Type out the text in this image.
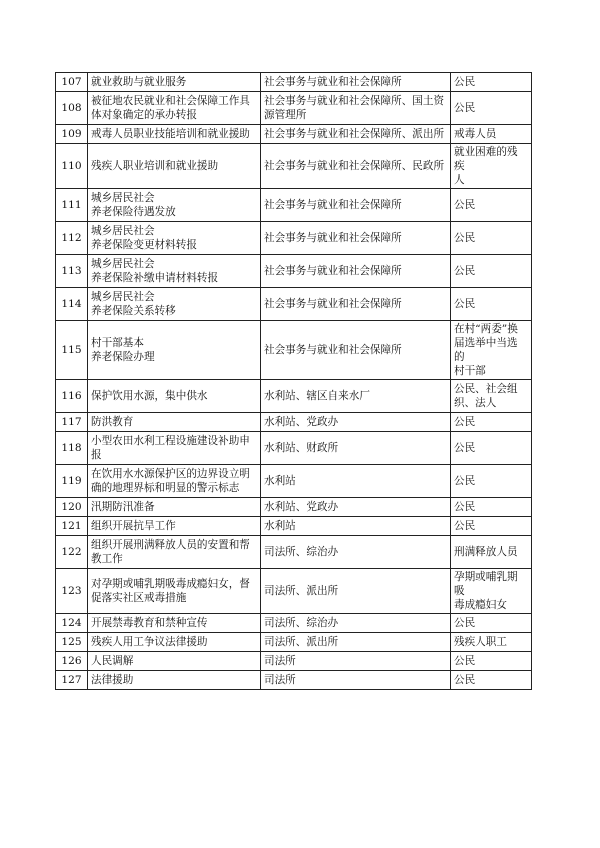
107	就业救助与就业服务	社会事务与就业和社会保障所	公民

108	被征地农民就业和社会保障工作具
体对象确定的承办转报	社会事务与就业和社会保障所、国土资
源管理所	公民

109	戒毒人员职业技能培训和就业援助	社会事务与就业和社会保障所、派出所	戒毒人员

110	残疾人职业培训和就业援助	社会事务与就业和社会保障所、民政所	就业困难的残疾
人

111	城乡居民社会
养老保险待遇发放	社会事务与就业和社会保障所	公民

112	城乡居民社会
养老保险变更材料转报	社会事务与就业和社会保障所	公民

113	城乡居民社会
养老保险补缴申请材料转报	社会事务与就业和社会保障所	公民

114	城乡居民社会
养老保险关系转移	社会事务与就业和社会保障所	公民

115	村干部基本
养老保险办理	社会事务与就业和社会保障所	在村“两委”换
届选举中当选的
村干部

116	保护饮用水源，集中供水	水利站、辖区自来水厂	公民、社会组
织、法人

117	防洪教育	水利站、党政办	公民

118	小型农田水利工程设施建设补助申
报	水利站、财政所	公民

119	在饮用水水源保护区的边界设立明
确的地理界标和明显的警示标志	水利站	公民

120	汛期防汛准备	水利站、党政办	公民

121	组织开展抗旱工作	水利站	公民

122	组织开展刑满释放人员的安置和帮
教工作	司法所、综治办	刑满释放人员

123	对孕期或哺乳期吸毒成瘾妇女，督
促落实社区戒毒措施	司法所、派出所	孕期或哺乳期吸
毒成瘾妇女

124	开展禁毒教育和禁种宣传	司法所、综治办	公民

125	残疾人用工争议法律援助	司法所、派出所	残疾人职工

126	人民调解	司法所	公民

127	法律援助	司法所	公民
